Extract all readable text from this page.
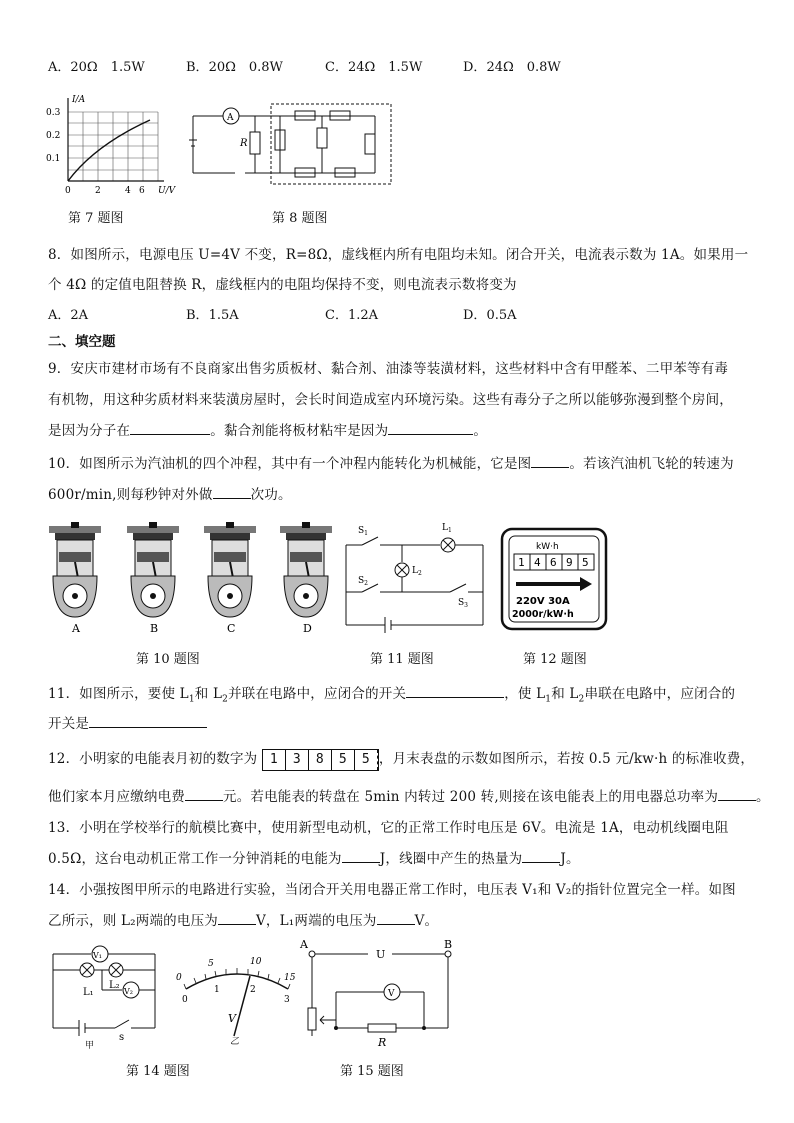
A．20Ω　1.5W	B．20Ω　0.8W	C．24Ω　1.5W	D．24Ω　0.8W
I/A
U/V
0.3
0.2
0.1
0	2	4 6
第 7 题图
A
R
第 8 题图
8．如图所示，电源电压 U=4V 不变，R=8Ω，虚线框内所有电阻均未知。闭合开关，电流表示数为 1A。如果用一
个 4Ω 的定值电阻替换 R，虚线框内的电阻均保持不变，则电流表示数将变为
A．2A	B．1.5A	C．1.2A	D．0.5A
二、填空题
9．安庆市建材市场有不良商家出售劣质板材、黏合剂、油漆等装潢材料，这些材料中含有甲醛苯、二甲苯等有毒
有机物，用这种劣质材料来装潢房屋时，会长时间造成室内环境污染。这些有毒分子之所以能够弥漫到整个房间，
是因为分子在	。黏合剂能将板材粘牢是因为	。
10．如图所示为汽油机的四个冲程，其中有一个冲程内能转化为机械能，它是图	。若该汽油机飞轮的转速为
600r/min,则每秒钟对外做	次功。
A	B	C	D
第 10 题图
$S_1$
$S_2$
$S_3$
$L_1$
$L_2$
第 11 题图
kW·h
1 4 6 9 5
220V 30A
2000r/kW·h
第 12 题图
11．如图所示，要使 $L_1$和 $L_2$并联在电路中，应闭合的开关	，使 $L_1$和 $L_2$串联在电路中，应闭合的
开关是
12．小明家的电能表月初的数字为 1 3 8 5 5 ，月末表盘的示数如图所示，若按 0.5 元/kw·h 的标准收费，
他们家本月应缴纳电费	元。若电能表的转盘在 5min 内转过 200 转,则接在该电能表上的用电器总功率为	。
13．小明在学校举行的航模比赛中，使用新型电动机，它的正常工作时电压是 6V。电流是 1A，电动机线圈电阻
0.5Ω，这台电动机正常工作一分钟消耗的电能为	J，线圈中产生的热量为	J。
14．小强按图甲所示的电路进行实验，当闭合开关用电器正常工作时，电压表 V₁和 V₂的指针位置完全一样。如图
乙所示，则 L₂两端的电压为	V，L₁两端的电压为	V。
V₁
V₂
L₁
L₂
s
甲
0
5	10
15
0
1	2
3
V
乙
第 14 题图
A	B
U
V
R
第 15 题图
